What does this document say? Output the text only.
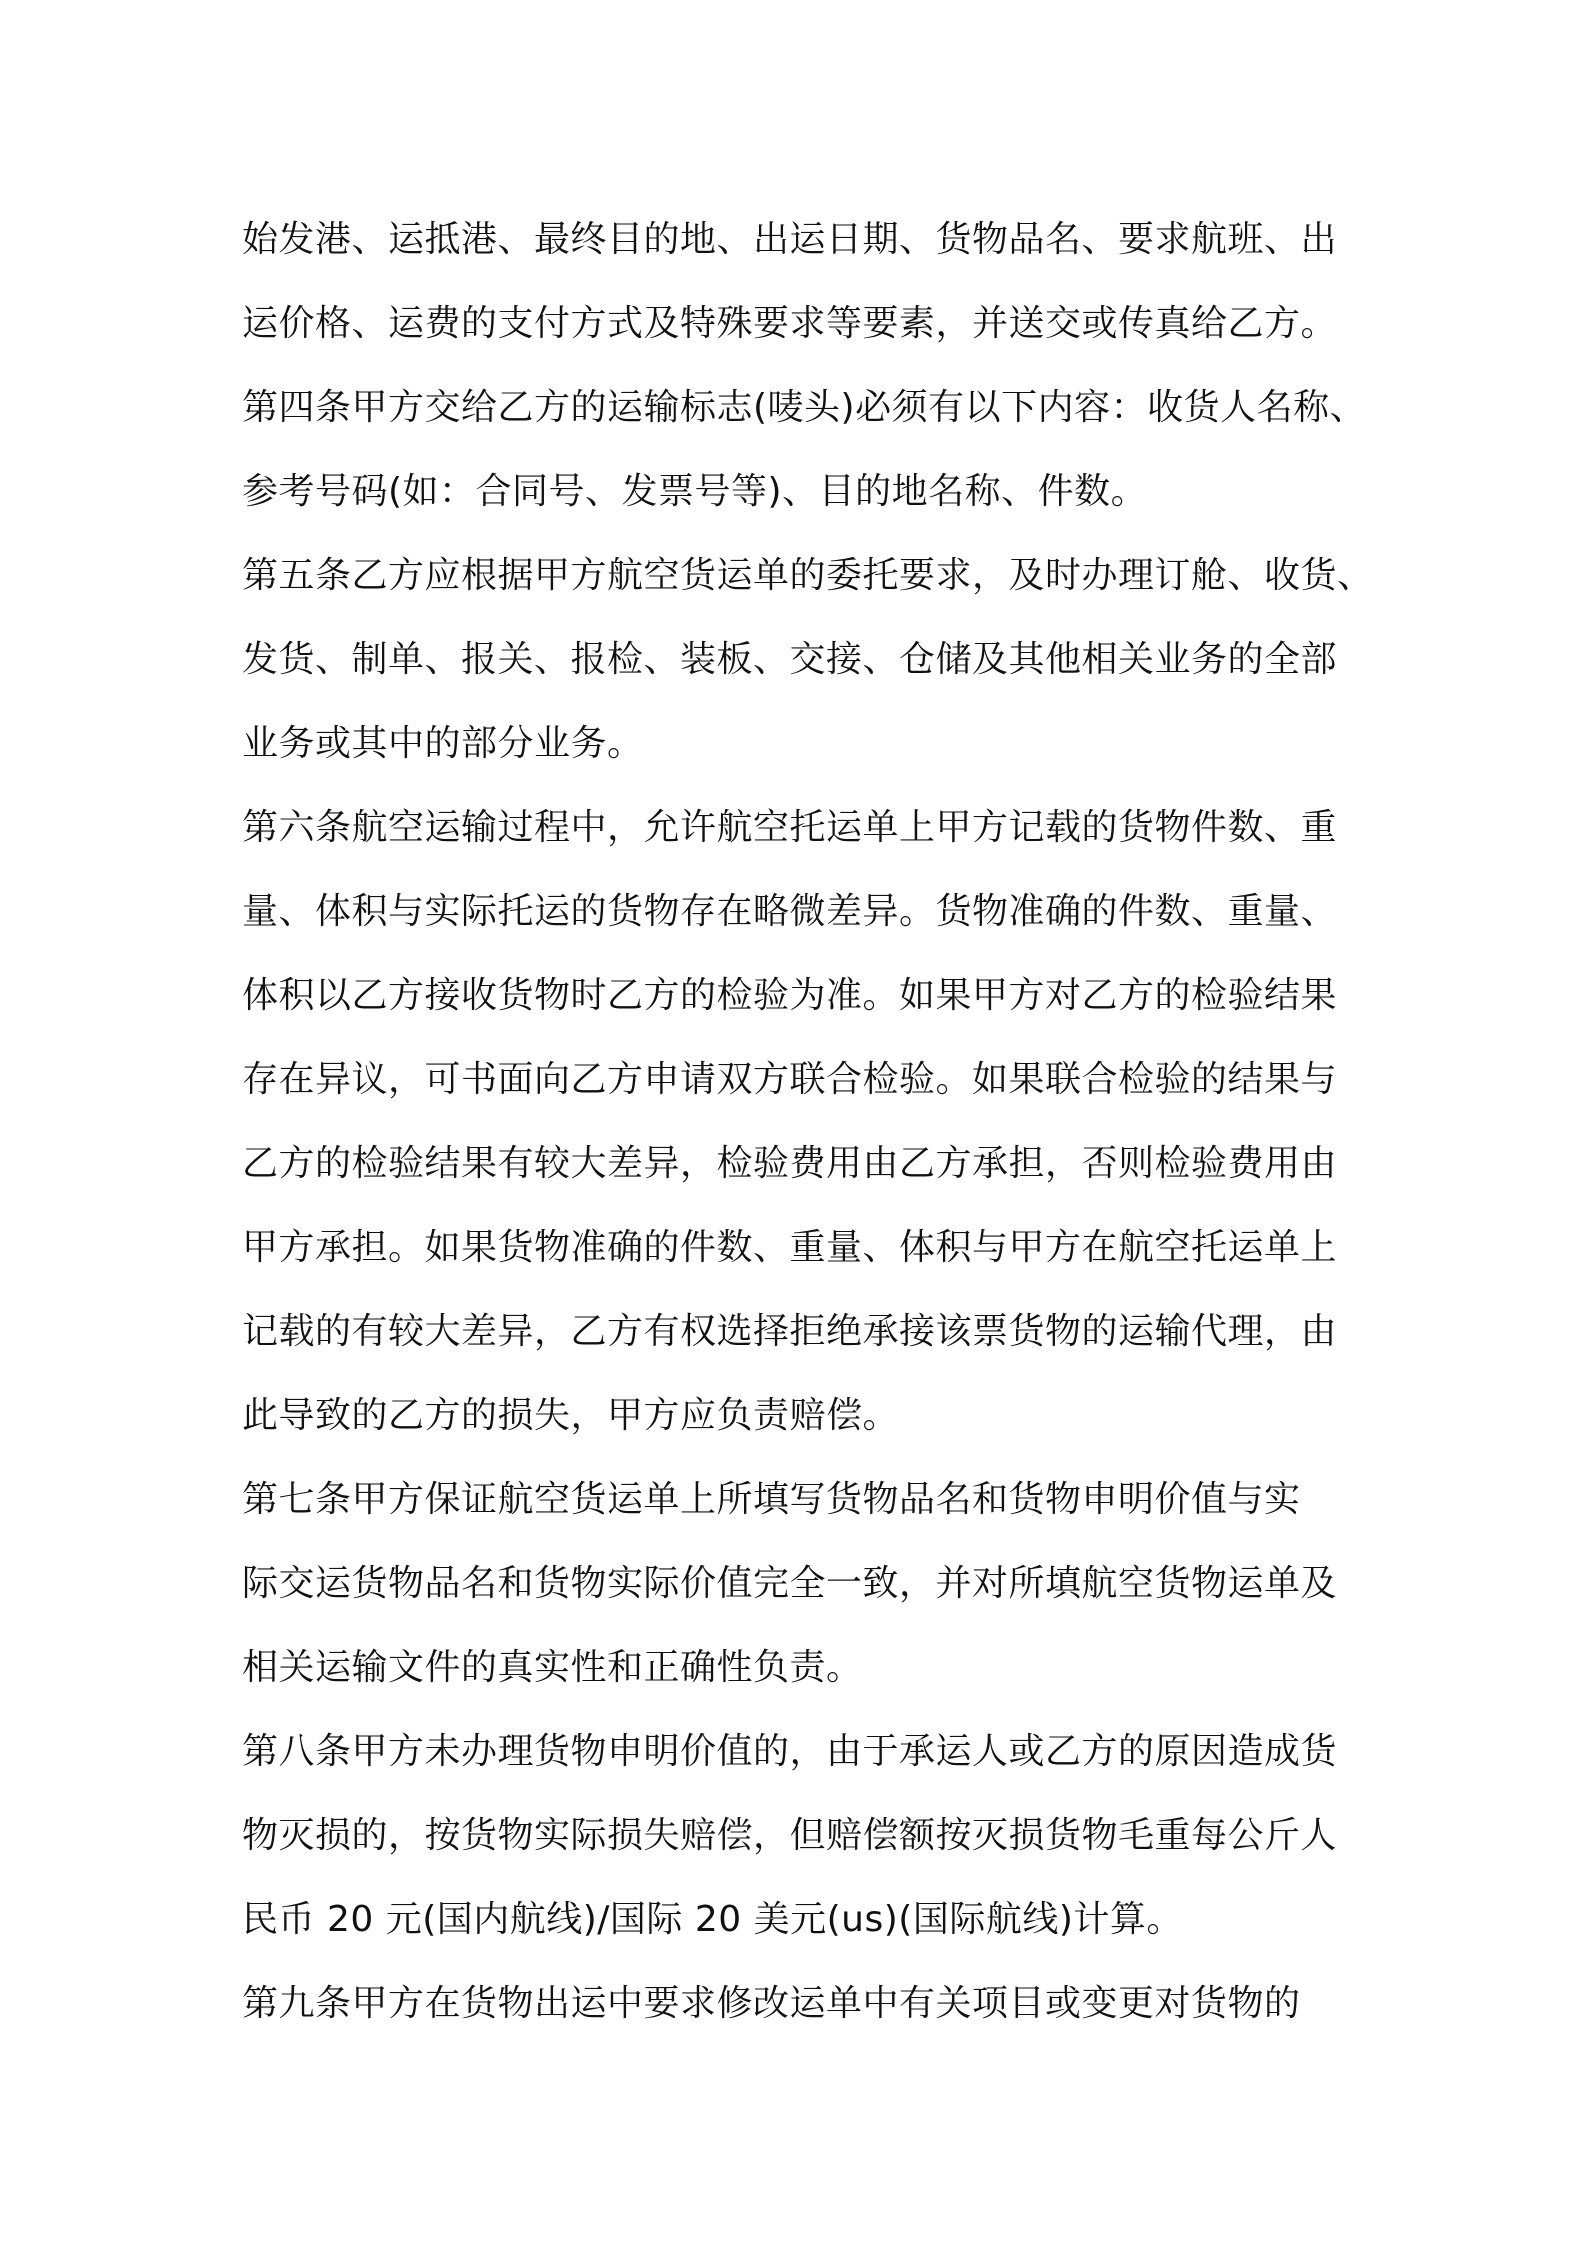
始发港、运抵港、最终目的地、出运日期、货物品名、要求航班、出
运价格、运费的支付方式及特殊要求等要素，并送交或传真给乙方。
第四条甲方交给乙方的运输标志(唛头)必须有以下内容：收货人名称、
参考号码(如：合同号、发票号等)、目的地名称、件数。
第五条乙方应根据甲方航空货运单的委托要求，及时办理订舱、收货、
发货、制单、报关、报检、装板、交接、仓储及其他相关业务的全部
业务或其中的部分业务。
第六条航空运输过程中，允许航空托运单上甲方记载的货物件数、重
量、体积与实际托运的货物存在略微差异。货物准确的件数、重量、
体积以乙方接收货物时乙方的检验为准。如果甲方对乙方的检验结果
存在异议，可书面向乙方申请双方联合检验。如果联合检验的结果与
乙方的检验结果有较大差异，检验费用由乙方承担，否则检验费用由
甲方承担。如果货物准确的件数、重量、体积与甲方在航空托运单上
记载的有较大差异，乙方有权选择拒绝承接该票货物的运输代理，由
此导致的乙方的损失，甲方应负责赔偿。
第七条甲方保证航空货运单上所填写货物品名和货物申明价值与实
际交运货物品名和货物实际价值完全一致，并对所填航空货物运单及
相关运输文件的真实性和正确性负责。
第八条甲方未办理货物申明价值的，由于承运人或乙方的原因造成货
物灭损的，按货物实际损失赔偿，但赔偿额按灭损货物毛重每公斤人
民币 20 元(国内航线)/国际 20 美元(us)(国际航线)计算。
第九条甲方在货物出运中要求修改运单中有关项目或变更对货物的
